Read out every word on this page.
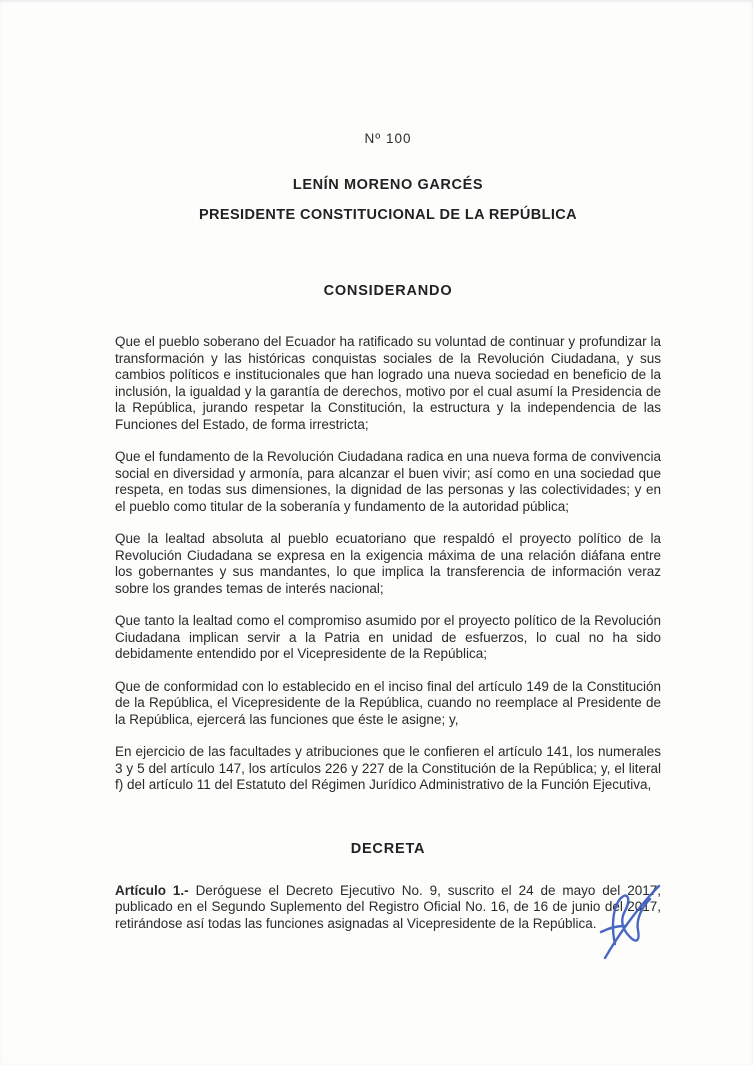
Nº 100
LENÍN MORENO GARCÉS
PRESIDENTE CONSTITUCIONAL DE LA REPÚBLICA
CONSIDERANDO

Que el pueblo soberano del Ecuador ha ratificado su voluntad de continuar y profundizar la transformación y las históricas conquistas sociales de la Revolución Ciudadana, y sus cambios políticos e institucionales que han logrado una nueva sociedad en beneficio de la inclusión, la igualdad y la garantía de derechos, motivo por el cual asumí la Presidencia de la República, jurando respetar la Constitución, la estructura y la independencia de las Funciones del Estado, de forma irrestricta;

Que el fundamento de la Revolución Ciudadana radica en una nueva forma de convivencia social en diversidad y armonía, para alcanzar el buen vivir; así como en una sociedad que respeta, en todas sus dimensiones, la dignidad de las personas y las colectividades; y en el pueblo como titular de la soberanía y fundamento de la autoridad pública;

Que la lealtad absoluta al pueblo ecuatoriano que respaldó el proyecto político de la Revolución Ciudadana se expresa en la exigencia máxima de una relación diáfana entre los gobernantes y sus mandantes, lo que implica la transferencia de información veraz sobre los grandes temas de interés nacional;

Que tanto la lealtad como el compromiso asumido por el proyecto político de la Revolución Ciudadana implican servir a la Patria en unidad de esfuerzos, lo cual no ha sido debidamente entendido por el Vicepresidente de la República;

Que de conformidad con lo establecido en el inciso final del artículo 149 de la Constitución de la República, el Vicepresidente de la República, cuando no reemplace al Presidente de la República, ejercerá las funciones que éste le asigne; y,

En ejercicio de las facultades y atribuciones que le confieren el artículo 141, los numerales 3 y 5 del artículo 147, los artículos 226 y 227 de la Constitución de la República; y, el literal f) del artículo 11 del Estatuto del Régimen Jurídico Administrativo de la Función Ejecutiva,

DECRETA
Artículo 1.- Deróguese el Decreto Ejecutivo No. 9, suscrito el 24 de mayo del 2017, publicado en el Segundo Suplemento del Registro Oficial No. 16, de 16 de junio del 2017, retirándose así todas las funciones asignadas al Vicepresidente de la República.
